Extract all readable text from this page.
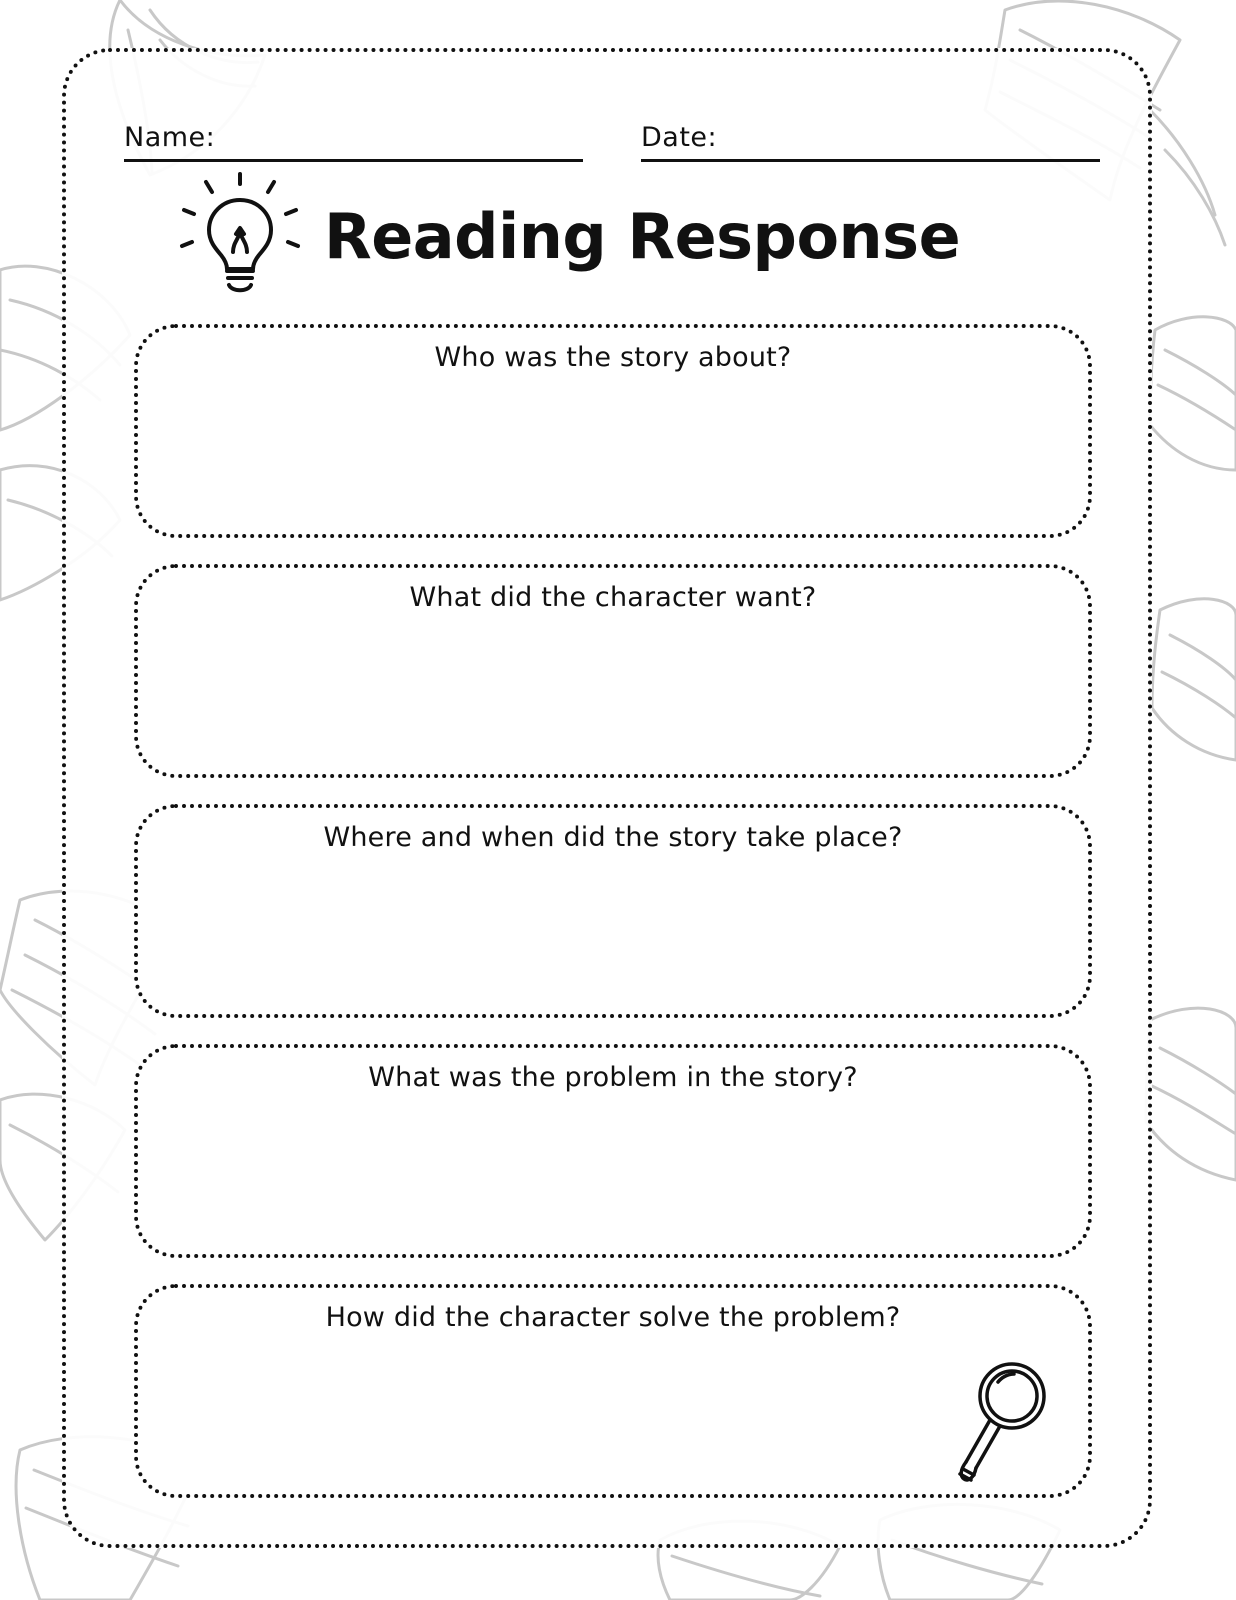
Name:	Date:
Reading Response
Who was the story about?
What did the character want?
Where and when did the story take place?
What was the problem in the story?
How did the character solve the problem?
